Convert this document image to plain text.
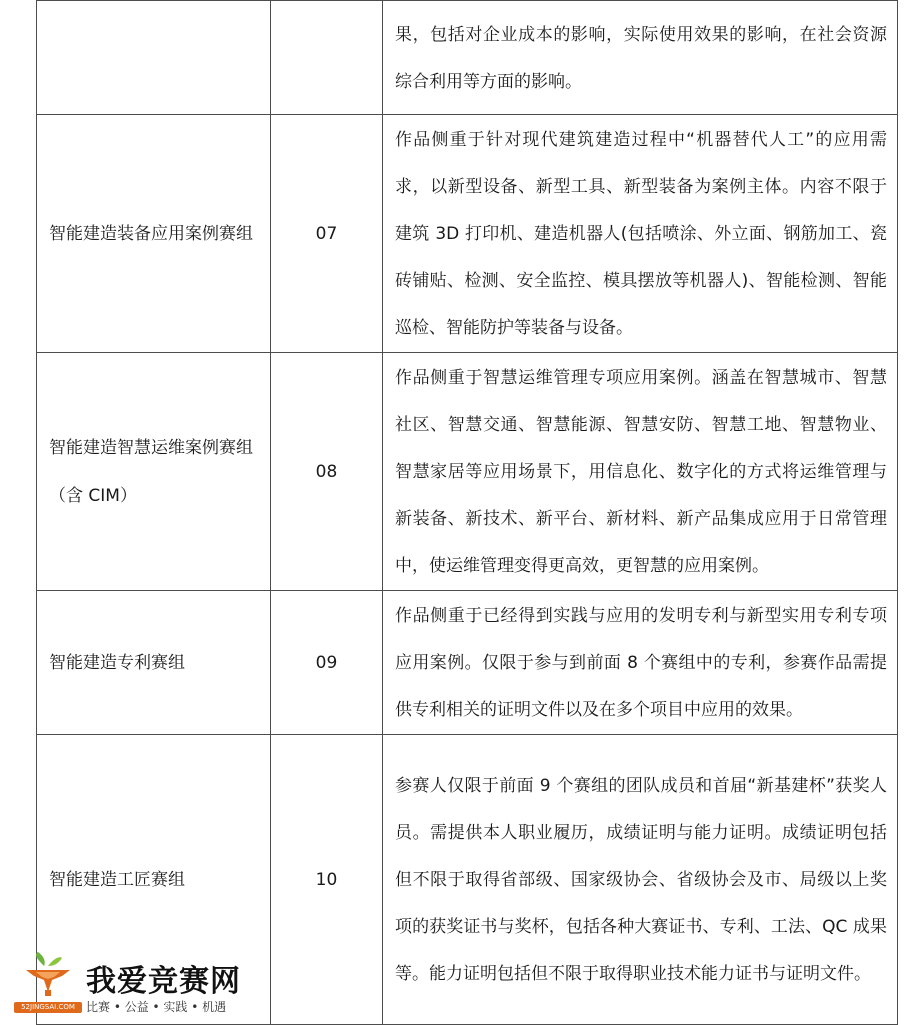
		果，包括对企业成本的影响，实际使用效果的影响，在社会资源综合利用等方面的影响。
智能建造装备应用案例赛组	07	作品侧重于针对现代建筑建造过程中“机器替代人工”的应用需求，以新型设备、新型工具、新型装备为案例主体。内容不限于建筑 3D 打印机、建造机器人(包括喷涂、外立面、钢筋加工、瓷砖铺贴、检测、安全监控、模具摆放等机器人)、智能检测、智能巡检、智能防护等装备与设备。
智能建造智慧运维案例赛组（含 CIM）	08	作品侧重于智慧运维管理专项应用案例。涵盖在智慧城市、智慧社区、智慧交通、智慧能源、智慧安防、智慧工地、智慧物业、智慧家居等应用场景下，用信息化、数字化的方式将运维管理与新装备、新技术、新平台、新材料、新产品集成应用于日常管理中，使运维管理变得更高效，更智慧的应用案例。
智能建造专利赛组	09	作品侧重于已经得到实践与应用的发明专利与新型实用专利专项应用案例。仅限于参与到前面 8 个赛组中的专利，参赛作品需提供专利相关的证明文件以及在多个项目中应用的效果。
智能建造工匠赛组	10	参赛人仅限于前面 9 个赛组的团队成员和首届“新基建杯”获奖人员。需提供本人职业履历，成绩证明与能力证明。成绩证明包括但不限于取得省部级、国家级协会、省级协会及市、局级以上奖项的获奖证书与奖杯，包括各种大赛证书、专利、工法、QC 成果等。能力证明包括但不限于取得职业技术能力证书与证明文件。
我爱竞赛网
52JINGSAI.COM 比赛 • 公益 • 实践 • 机遇
